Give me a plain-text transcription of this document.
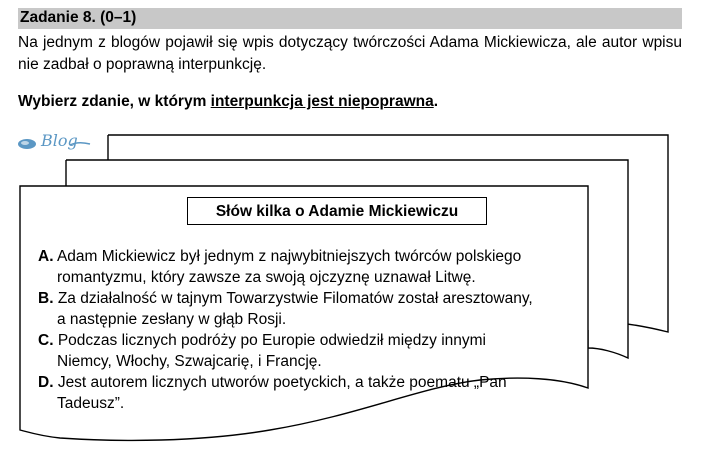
Zadanie 8. (0–1)
Na jednym z blogów pojawił się wpis dotyczący twórczości Adama Mickiewicza, ale autor wpisu nie zadbał o poprawną interpunkcję.
Wybierz zdanie, w którym interpunkcja jest niepoprawna.
Blog
Słów kilka o Adamie Mickiewiczu
A. Adam Mickiewicz był jednym z najwybitniejszych twórców polskiego
romantyzmu, który zawsze za swoją ojczyznę uznawał Litwę.
B. Za działalność w tajnym Towarzystwie Filomatów został aresztowany,
a następnie zesłany w głąb Rosji.
C. Podczas licznych podróży po Europie odwiedził między innymi
Niemcy, Włochy, Szwajcarię, i Francję.
D. Jest autorem licznych utworów poetyckich, a także poematu „Pan
Tadeusz”.
